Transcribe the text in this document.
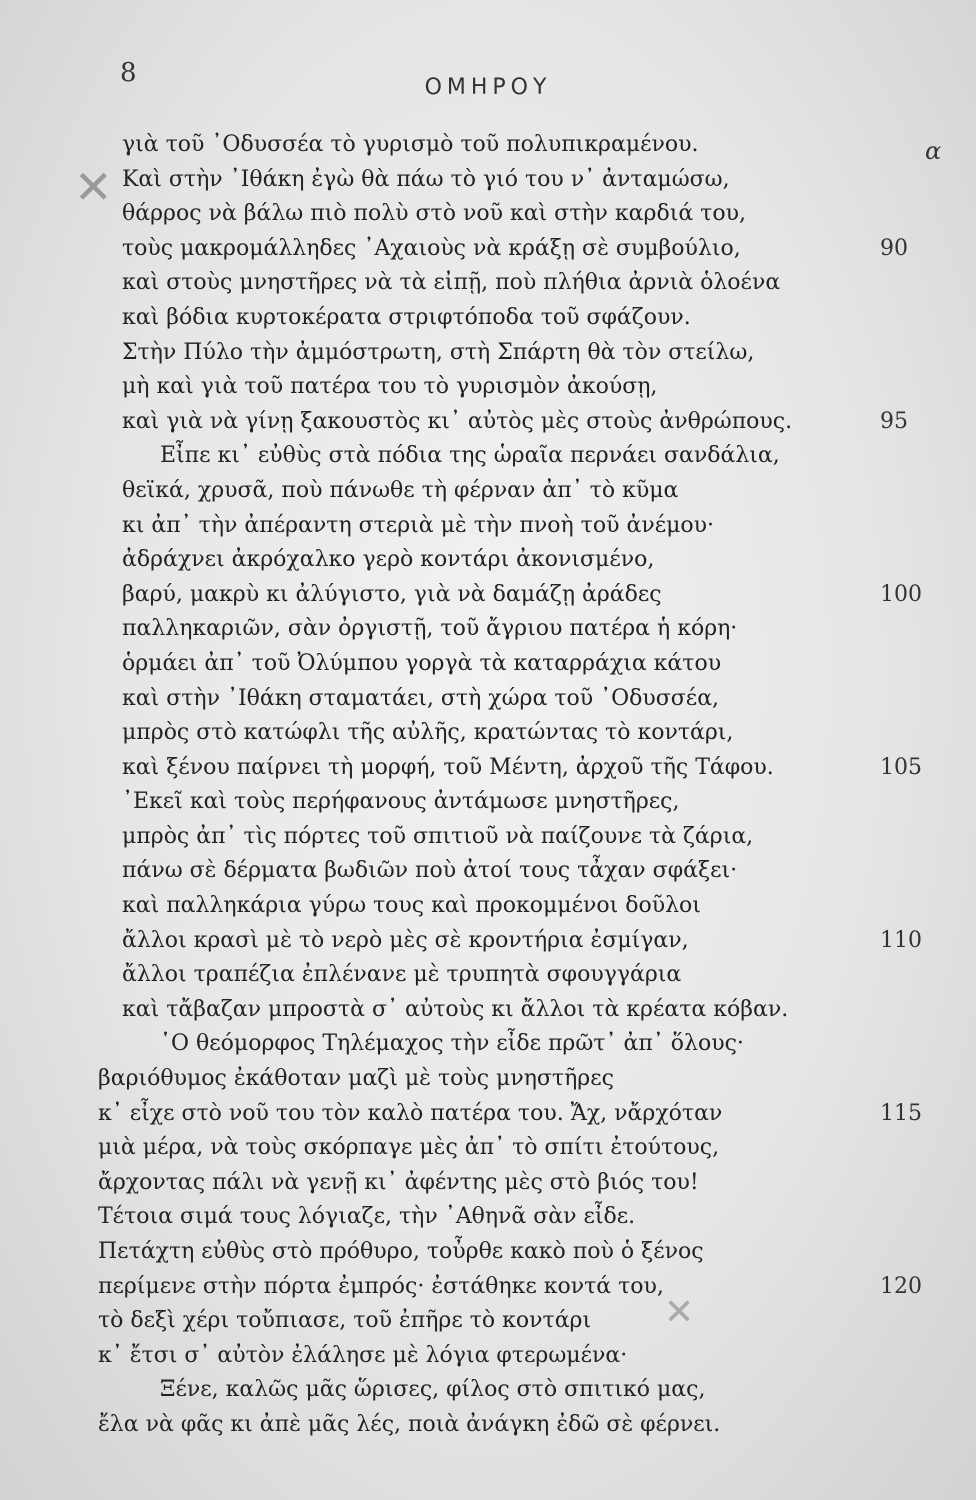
8	ΟΜΗΡΟΥ
α
✕
✕
γιὰ τοῦ ᾽Οδυσσέα τὸ γυρισμὸ τοῦ πολυπικραμένου.
Καὶ στὴν ᾽Ιθάκη ἐγὼ θὰ πάω τὸ γιό του ν᾽ ἀνταμώσω,
θάρρος νὰ βάλω πιὸ πολὺ στὸ νοῦ καὶ στὴν καρδιά του,
τοὺς μακρομάλληδες ᾽Αχαιοὺς νὰ κράξῃ σὲ συμβούλιο,	90
καὶ στοὺς μνηστῆρες νὰ τὰ εἰπῇ, ποὺ πλήθια ἀρνιὰ ὁλοένα
καὶ βόδια κυρτοκέρατα στριφτόποδα τοῦ σφάζουν.
Στὴν Πύλο τὴν ἀμμόστρωτη, στὴ Σπάρτη θὰ τὸν στείλω,
μὴ καὶ γιὰ τοῦ πατέρα του τὸ γυρισμὸν ἀκούσῃ,
καὶ γιὰ νὰ γίνῃ ξακουστὸς κι᾽ αὐτὸς μὲς στοὺς ἀνθρώπους.	95
Εἶπε κι᾽ εὐθὺς στὰ πόδια της ὡραῖα περνάει σανδάλια,
θεϊκά, χρυσᾶ, ποὺ πάνωθε τὴ φέρναν ἀπ᾽ τὸ κῦμα
κι ἀπ᾽ τὴν ἀπέραντη στεριὰ μὲ τὴν πνοὴ τοῦ ἀνέμου·
ἀδράχνει ἀκρόχαλκο γερὸ κοντάρι ἀκονισμένο,
βαρύ, μακρὺ κι ἀλύγιστο, γιὰ νὰ δαμάζῃ ἀράδες	100
παλληκαριῶν, σὰν ὀργιστῇ, τοῦ ἄγριου πατέρα ἡ κόρη·
ὁρμάει ἀπ᾽ τοῦ Ὀλύμπου γοργὰ τὰ καταρράχια κάτου
καὶ στὴν ᾽Ιθάκη σταματάει, στὴ χώρα τοῦ ᾽Οδυσσέα,
μπρὸς στὸ κατώφλι τῆς αὐλῆς, κρατώντας τὸ κοντάρι,
καὶ ξένου παίρνει τὴ μορφή, τοῦ Μέντη, ἀρχοῦ τῆς Τάφου.	105
᾽Εκεῖ καὶ τοὺς περήφανους ἀντάμωσε μνηστῆρες,
μπρὸς ἀπ᾽ τὶς πόρτες τοῦ σπιτιοῦ νὰ παίζουνε τὰ ζάρια,
πάνω σὲ δέρματα βωδιῶν ποὺ ἀτοί τους τἆχαν σφάξει·
καὶ παλληκάρια γύρω τους καὶ προκομμένοι δοῦλοι
ἄλλοι κρασὶ μὲ τὸ νερὸ μὲς σὲ κροντήρια ἐσμίγαν,	110
ἄλλοι τραπέζια ἐπλένανε μὲ τρυπητὰ σφουγγάρια
καὶ τἄβαζαν μπροστὰ σ᾽ αὐτοὺς κι ἄλλοι τὰ κρέατα κόβαν.
῾Ο θεόμορφος Τηλέμαχος τὴν εἶδε πρῶτ᾽ ἀπ᾽ ὅλους·
βαριόθυμος ἐκάθοταν μαζὶ μὲ τοὺς μνηστῆρες
κ᾽ εἶχε στὸ νοῦ του τὸν καλὸ πατέρα του. Ἄχ, νἄρχόταν	115
μιὰ μέρα, νὰ τοὺς σκόρπαγε μὲς ἀπ᾽ τὸ σπίτι ἐτούτους,
ἄρχοντας πάλι νὰ γενῇ κι᾽ ἀφέντης μὲς στὸ βιός του!
Τέτοια σιμά τους λόγιαζε, τὴν ᾽Αθηνᾶ σὰν εἶδε.
Πετάχτη εὐθὺς στὸ πρόθυρο, τοὖρθε κακὸ ποὺ ὁ ξένος
περίμενε στὴν πόρτα ἐμπρός· ἐστάθηκε κοντά του,	120
τὸ δεξὶ χέρι τοὔπιασε, τοῦ ἐπῆρε τὸ κοντάρι
κ᾽ ἔτσι σ᾽ αὐτὸν ἐλάλησε μὲ λόγια φτερωμένα·
Ξένε, καλῶς μᾶς ὥρισες, φίλος στὸ σπιτικό μας,
ἔλα νὰ φᾶς κι ἀπὲ μᾶς λές, ποιὰ ἀνάγκη ἐδῶ σὲ φέρνει.
